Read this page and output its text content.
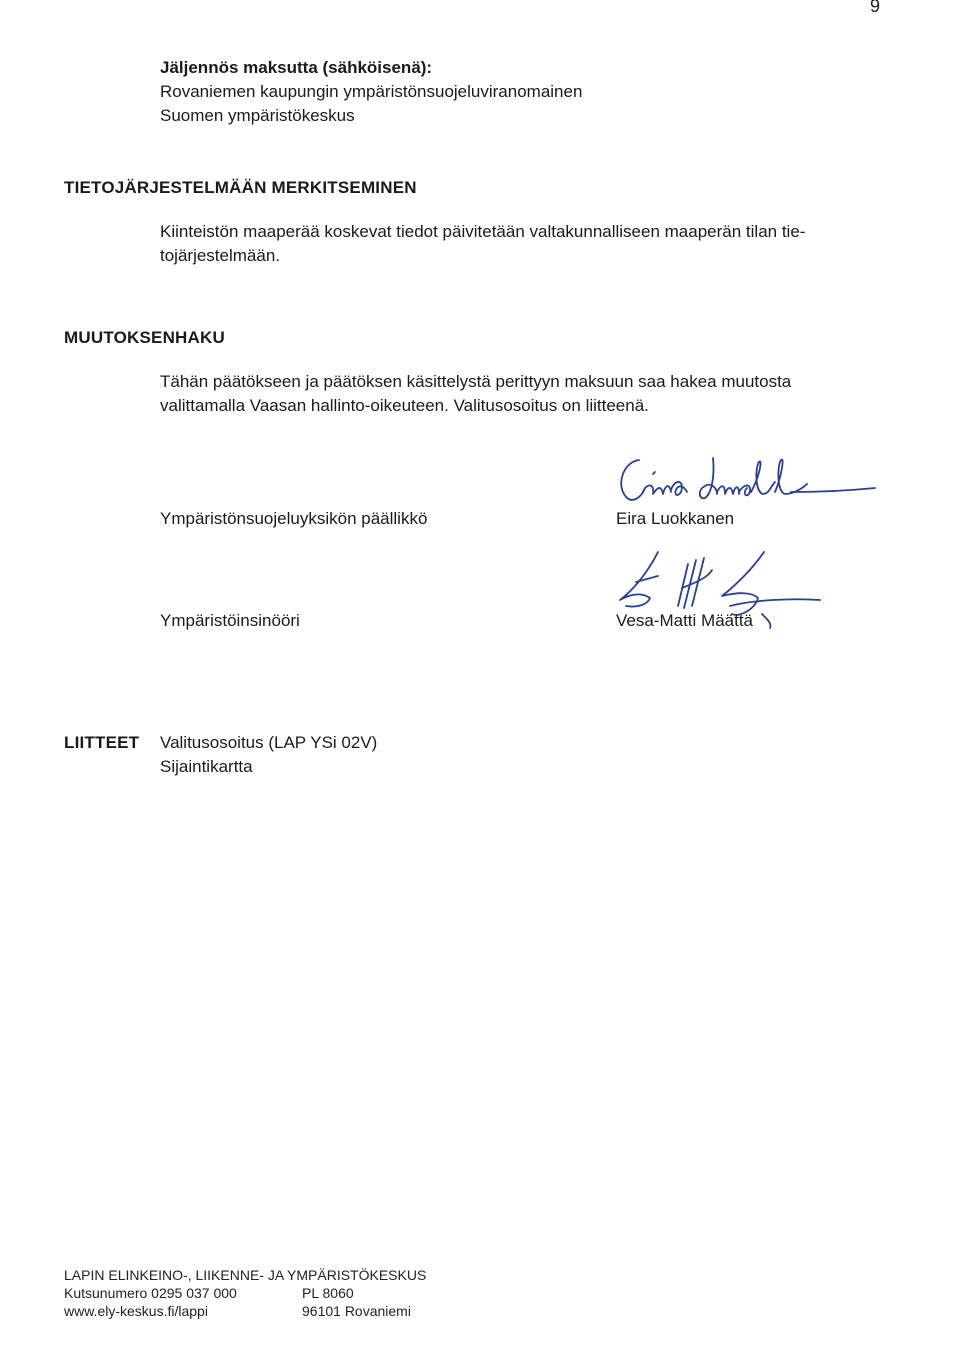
9
Jäljennös maksutta (sähköisenä):
Rovaniemen kaupungin ympäristönsuojeluviranomainen
Suomen ympäristökeskus
TIETOJÄRJESTELMÄÄN MERKITSEMINEN
Kiinteistön maaperää koskevat tiedot päivitetään valtakunnalliseen maaperän tilan tie-
tojärjestelmään.
MUUTOKSENHAKU
Tähän päätökseen ja päätöksen käsittelystä perittyyn maksuun saa hakea muutosta
valittamalla Vaasan hallinto-oikeuteen. Valitusosoitus on liitteenä.
Ympäristönsuojeluyksikön päällikkö	Eira Luokkanen
Ympäristöinsinööri	Vesa-Matti Määttä
LIITTEET Valitusosoitus (LAP YSi 02V)
Sijaintikartta
LAPIN ELINKEINO-, LIIKENNE- JA YMPÄRISTÖKESKUS
Kutsunumero 0295 037 000	PL 8060
www.ely-keskus.fi/lappi	96101 Rovaniemi
